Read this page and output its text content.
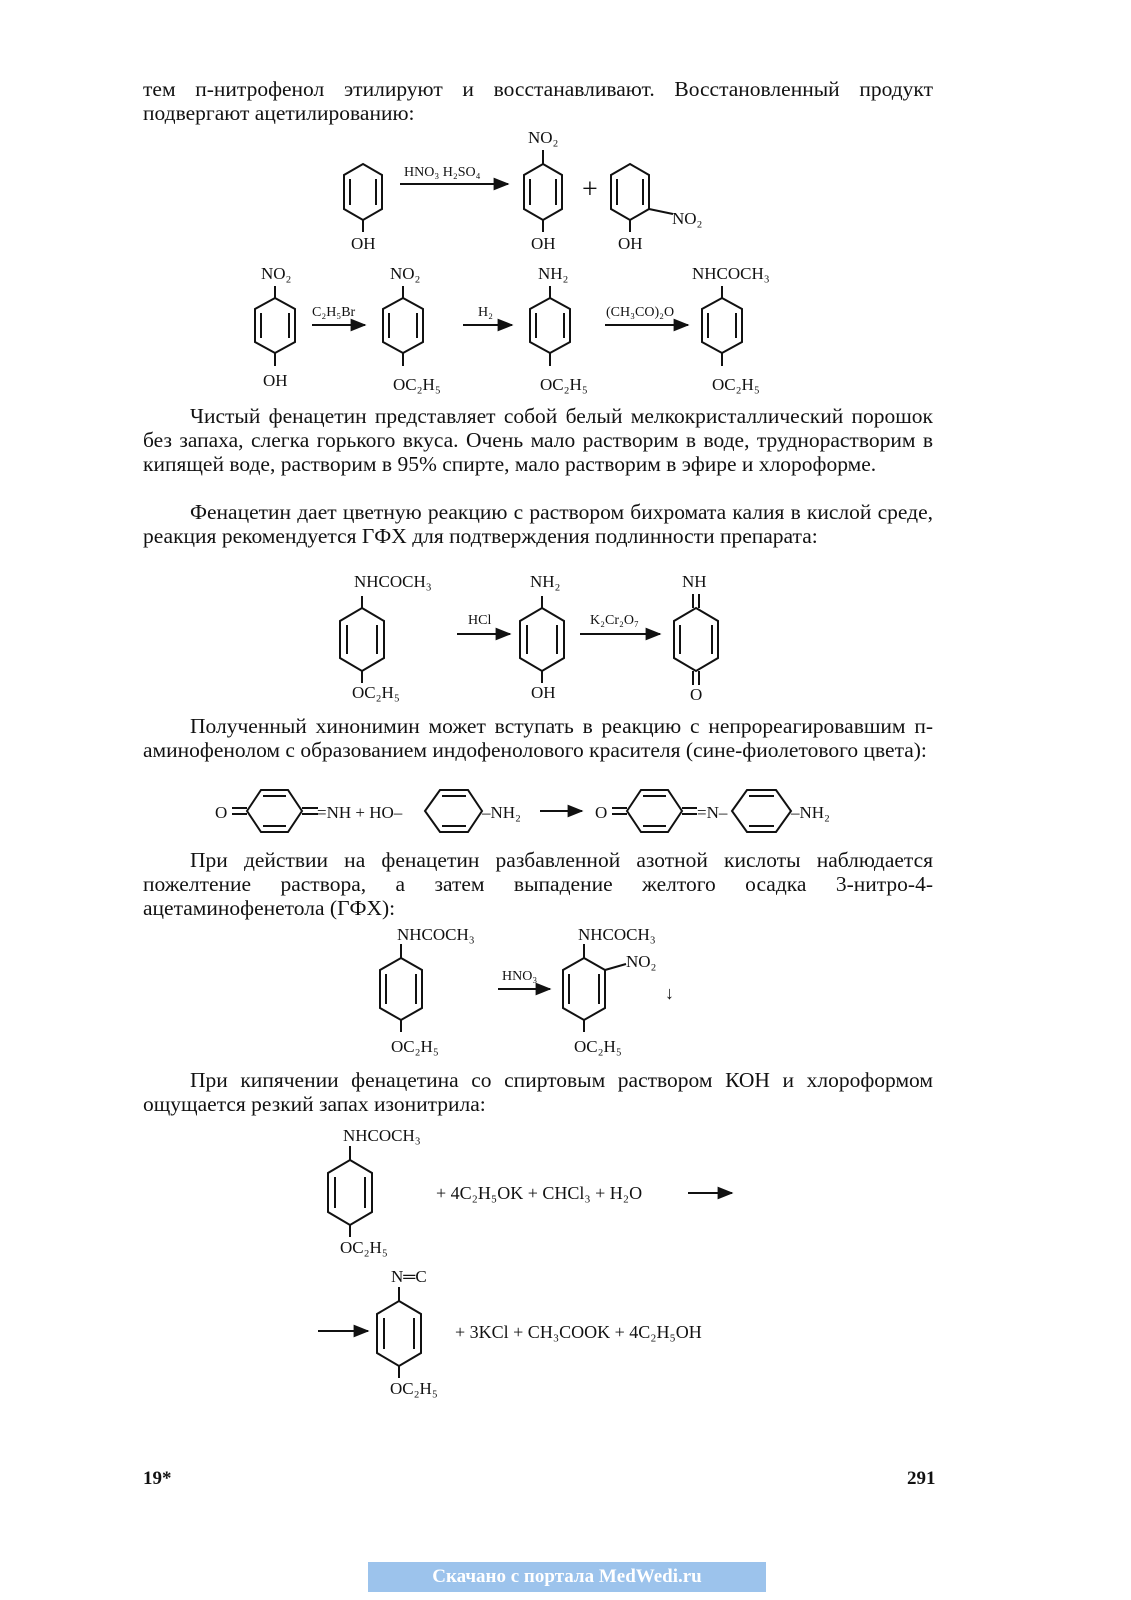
тем п-нитрофенол этилируют и восстанавливают. Восстановленный продукт подвергают ацетилированию:

Чистый фенацетин представляет собой белый мелкокристаллический порошок без запаха, слегка горького вкуса. Очень мало растворим в воде, труднорастворим в кипящей воде, растворим в 95% спирте, мало растворим в эфире и хлороформе.

Фенацетин дает цветную реакцию с раствором бихромата калия в кислой среде, реакция рекомендуется ГФХ для подтверждения подлинности препарата:

Полученный хинонимин может вступать в реакцию с непрореагировавшим п-аминофенолом с образованием индофенолового красителя (сине-фиолетового цвета):

При действии на фенацетин разбавленной азотной кислоты наблюдается пожелтение раствора, а затем выпадение желтого осадка 3-нитро-4-ацетаминофенетола (ГФХ):

При кипячении фенацетина со спиртовым раствором КОН и хлороформом ощущается резкий запах изонитрила:

HNO₃ H₂SO₄
+
NO₂
NO₂
OH	OH	OH
NO₂
OH
C₂H₅Br
NO₂
OC₂H₅
H₂
NH₂
OC₂H₅
(CH₃CO)₂O
NHCOCH₃
OC₂H₅
NHCOCH₃
OC₂H₅
HCl
NH₂
OH
K₂Cr₂O₇
NH
O
O	=NH + HO–	–NH₂	O	=N–	–NH₂
NHCOCH₃
OC₂H₅
HNO₃
NHCOCH₃
NO₂
OC₂H₅
↓
NHCOCH₃
OC₂H₅
+ 4C₂H₅OK + CHCl₃ + H₂O
N═C
OC₂H₅
+ 3KCl + CH₃COOK + 4C₂H₅OH
19*	291
Скачано с портала MedWedi.ru
